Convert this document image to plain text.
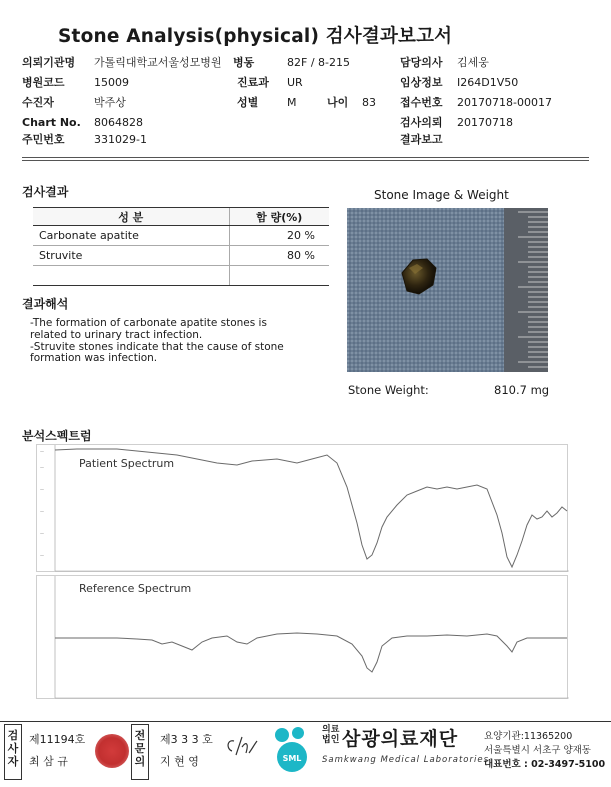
Stone Analysis(physical) 검사결과보고서
의뢰기관명 가톨릭대학교서울성모병원 병동	82F / 8-215	담당의사 김세웅
병원코드	15009	진료과 UR	임상정보 I264D1V50
수진자	박주상	성별	M	나이 83 접수번호 20170718-00017
Chart No. 8064828	검사의뢰 20170718
주민번호	331029-1	결과보고
검사결과
성 분	함 량(%)
Carbonate apatite	20 %
Struvite	80 %

결과해석
-The formation of carbonate apatite stones is
related to urinary tract infection.
-Struvite stones indicate that the cause of stone
formation was infection.
Stone Image & Weight
Stone Weight:	810.7 mg
분석스펙트럼
—
—
—
—
—
—
Patient Spectrum
Reference Spectrum
검사자
제11194호
최 삼 규
전문의
제3 3 3 호
지 현 영	SML
의료
법인 삼광의료재단
Samkwang Medical Laboratories
요양기관:11365200
서울특별시 서초구 양재동
대표번호 : 02-3497-5100
